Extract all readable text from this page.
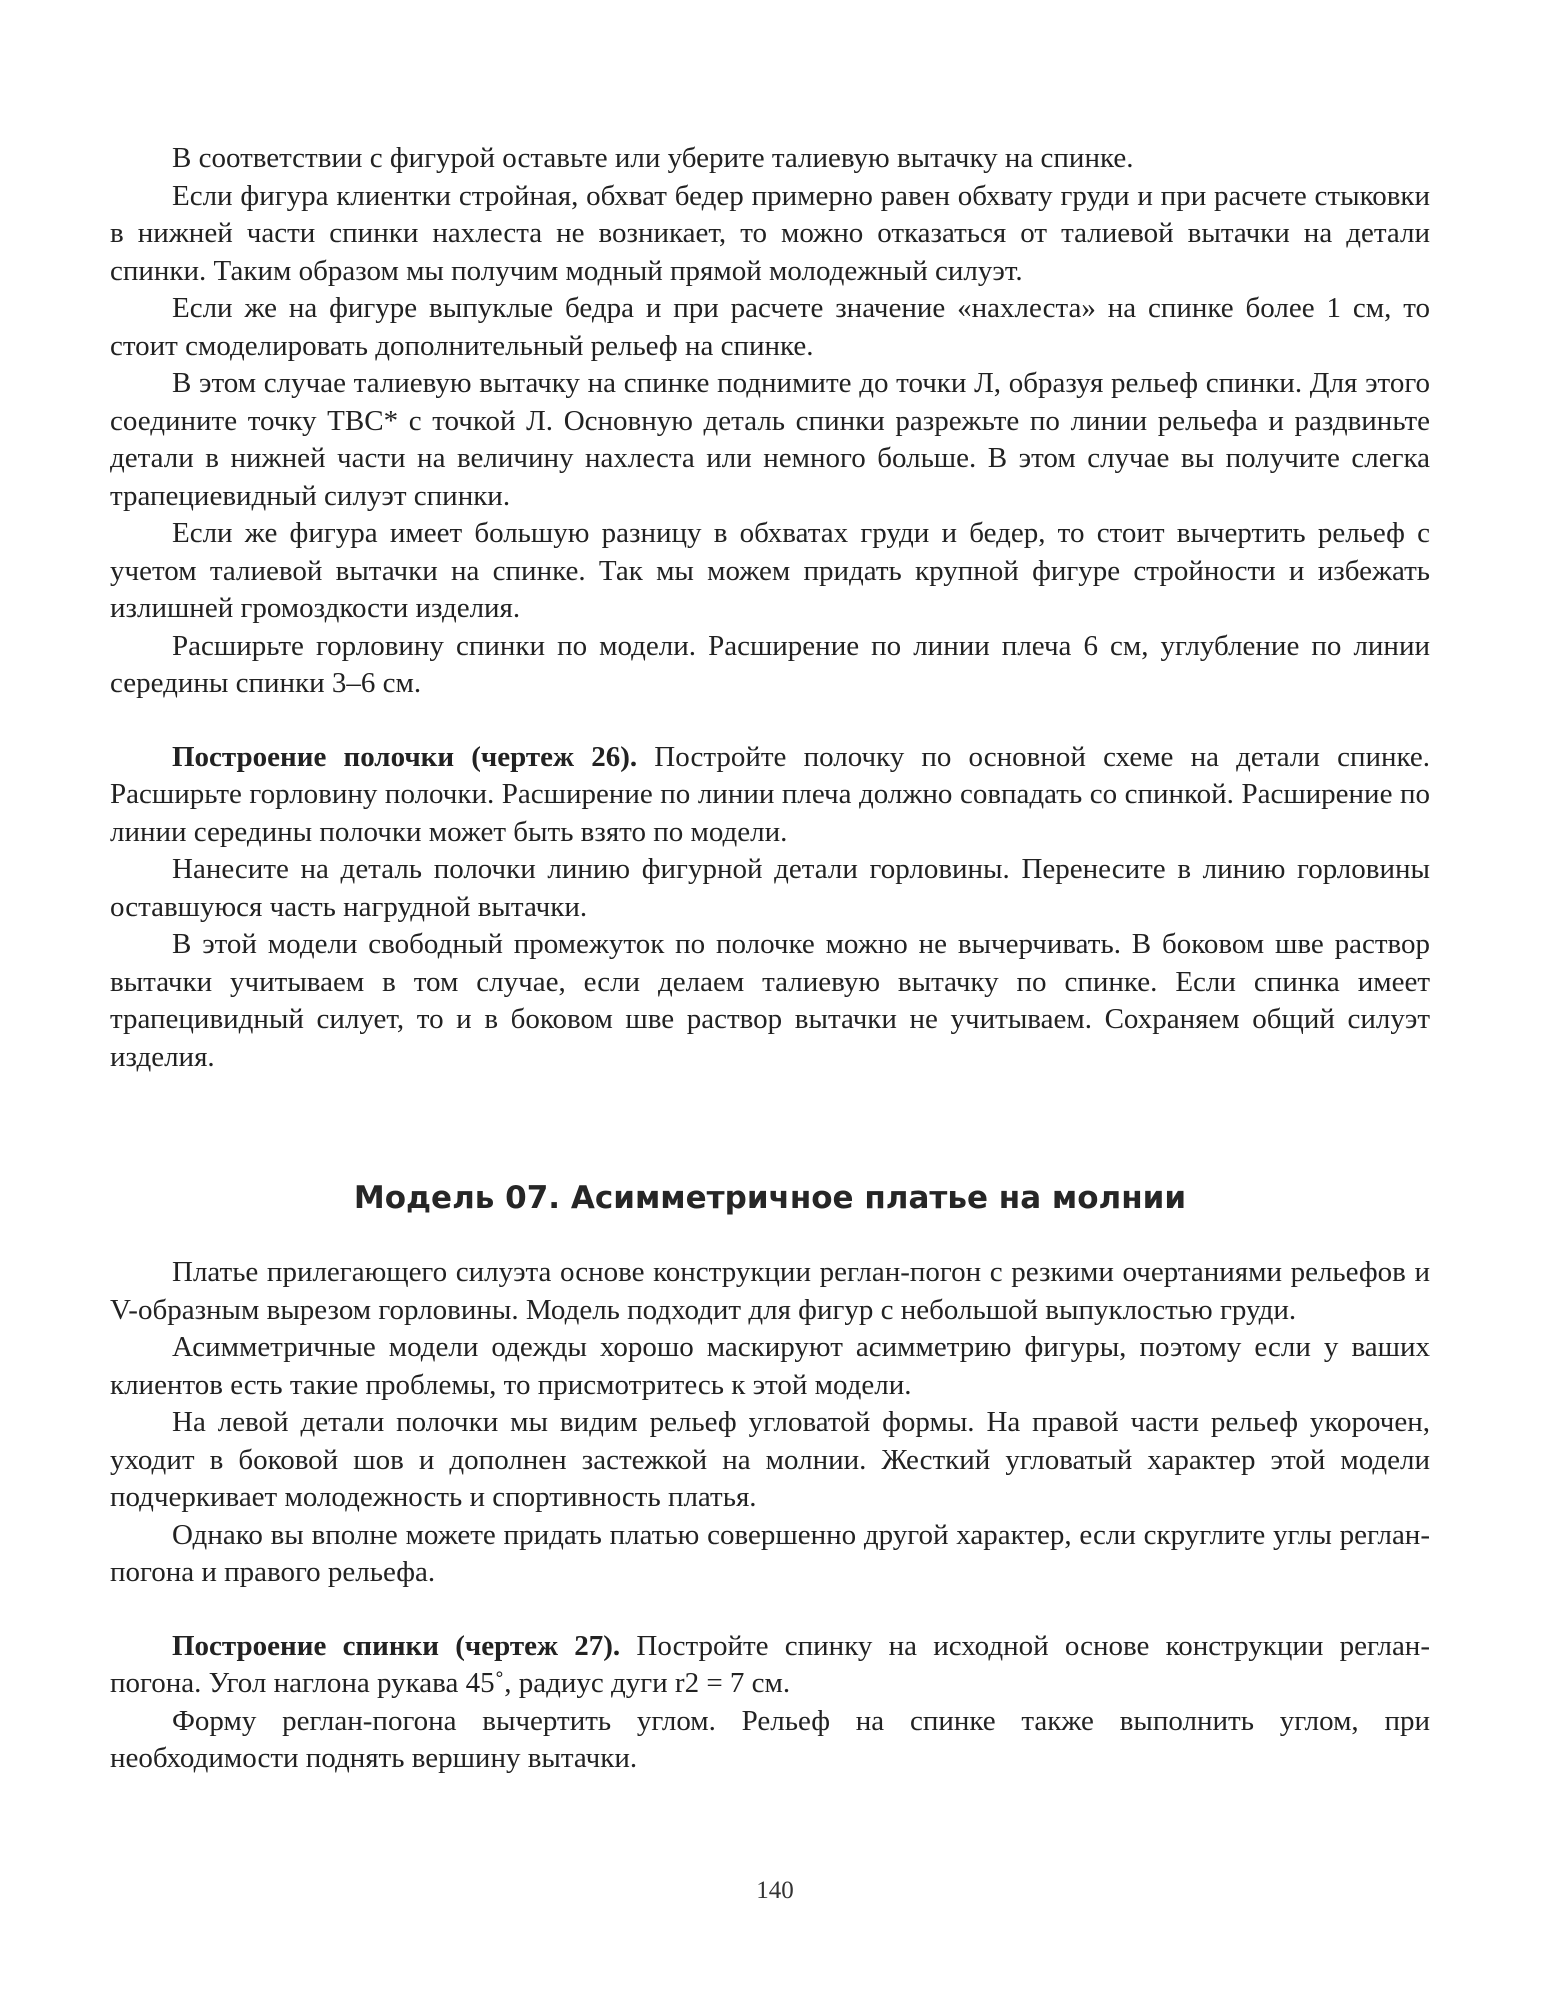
В соответствии с фигурой оставьте или уберите талиевую вытачку на спинке.

Если фигура клиентки стройная, обхват бедер примерно равен обхвату груди и при расчете стыковки в нижней части спинки нахлеста не возникает, то можно отказаться от талиевой вытачки на детали спинки. Таким образом мы получим модный прямой молодежный силуэт.

Если же на фигуре выпуклые бедра и при расчете значение «нахлеста» на спинке более 1 см, то стоит смоделировать дополнительный рельеф на спинке.

В этом случае талиевую вытачку на спинке поднимите до точки Л, образуя рельеф спинки. Для этого соедините точку ТВС* с точкой Л. Основную деталь спинки разрежьте по линии рельефа и раздвиньте детали в нижней части на величину нахлеста или немного больше. В этом случае вы получите слегка трапециевидный силуэт спинки.

Если же фигура имеет большую разницу в обхватах груди и бедер, то стоит вычертить рельеф с учетом талиевой вытачки на спинке. Так мы можем придать крупной фигуре стройности и избежать излишней громоздкости изделия.

Расширьте горловину спинки по модели. Расширение по линии плеча 6 см, углубление по линии середины спинки 3–6 см.

Построение полочки (чертеж 26). Постройте полочку по основной схеме на детали спинке. Расширьте горловину полочки. Расширение по линии плеча должно совпадать со спинкой. Расширение по линии середины полочки может быть взято по модели.

Нанесите на деталь полочки линию фигурной детали горловины. Перенесите в линию горловины оставшуюся часть нагрудной вытачки.

В этой модели свободный промежуток по полочке можно не вычерчивать. В боковом шве раствор вытачки учитываем в том случае, если делаем талиевую вытачку по спинке. Если спинка имеет трапецивидный силует, то и в боковом шве раствор вытачки не учитываем. Сохраняем общий силуэт изделия.

Модель 07. Асимметричное платье на молнии

Платье прилегающего силуэта основе конструкции реглан-погон с резкими очертаниями рельефов и V-образным вырезом горловины. Модель подходит для фигур с небольшой выпуклостью груди.

Асимметричные модели одежды хорошо маскируют асимметрию фигуры, поэтому если у ваших клиентов есть такие проблемы, то присмотритесь к этой модели.

На левой детали полочки мы видим рельеф угловатой формы. На правой части рельеф укорочен, уходит в боковой шов и дополнен застежкой на молнии. Жесткий угловатый характер этой модели подчеркивает молодежность и спортивность платья.

Однако вы вполне можете придать платью совершенно другой характер, если скруглите углы реглан-погона и правого рельефа.

Построение спинки (чертеж 27). Постройте спинку на исходной основе конструкции реглан-погона. Угол наглона рукава 45˚, радиус дуги r2 = 7 см.

Форму реглан-погона вычертить углом. Рельеф на спинке также выполнить углом, при необходимости поднять вершину вытачки.

140
